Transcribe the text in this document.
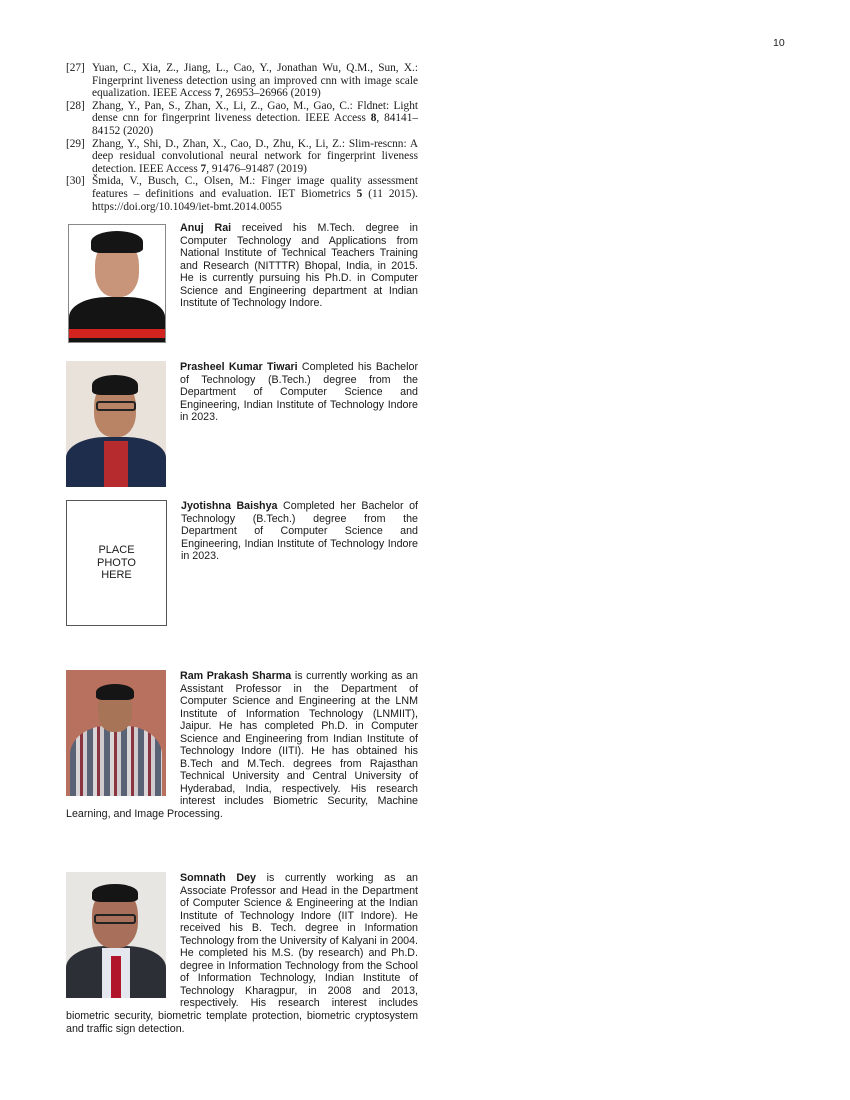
10

[27] Yuan, C., Xia, Z., Jiang, L., Cao, Y., Jonathan Wu, Q.M., Sun, X.: Fingerprint liveness detection using an improved cnn with image scale equalization. IEEE Access 7, 26953–26966 (2019)

[28] Zhang, Y., Pan, S., Zhan, X., Li, Z., Gao, M., Gao, C.: Fldnet: Light dense cnn for fingerprint liveness detection. IEEE Access 8, 84141–84152 (2020)

[29] Zhang, Y., Shi, D., Zhan, X., Cao, D., Zhu, K., Li, Z.: Slim-rescnn: A deep residual convolutional neural network for fingerprint liveness detection. IEEE Access 7, 91476–91487 (2019)

[30] Šmida, V., Busch, C., Olsen, M.: Finger image quality assessment features – definitions and evaluation. IET Biometrics 5 (11 2015). https://doi.org/10.1049/iet-bmt.2014.0055

Anuj Rai received his M.Tech. degree in Computer Technology and Applications from National Institute of Technical Teachers Training and Research (NITTTR) Bhopal, India, in 2015. He is currently pursuing his Ph.D. in Computer Science and Engineering department at Indian Institute of Technology Indore.
Prasheel Kumar Tiwari Completed his Bachelor of Technology (B.Tech.) degree from the Department of Computer Science and Engineering, Indian Institute of Technology Indore in 2023.
PLACE
PHOTO
HERE
Jyotishna Baishya Completed her Bachelor of Technology (B.Tech.) degree from the Department of Computer Science and Engineering, Indian Institute of Technology Indore in 2023.
Ram Prakash Sharma is currently working as an Assistant Professor in the Department of Computer Science and Engineering at the LNM Institute of Information Technology (LNMIIT), Jaipur. He has completed Ph.D. in Computer Science and Engineering from Indian Institute of Technology Indore (IITI). He has obtained his B.Tech and M.Tech. degrees from Rajasthan Technical University and Central University of Hyderabad, India, respectively. His research interest includes Biometric Security, Machine Learning, and Image Processing.
Somnath Dey is currently working as an Associate Professor and Head in the Department of Computer Science & Engineering at the Indian Institute of Technology Indore (IIT Indore). He received his B. Tech. degree in Information Technology from the University of Kalyani in 2004. He completed his M.S. (by research) and Ph.D. degree in Information Technology from the School of Information Technology, Indian Institute of Technology Kharagpur, in 2008 and 2013, respectively. His research interest includes biometric security, biometric template protection, biometric cryptosystem and traffic sign detection.
